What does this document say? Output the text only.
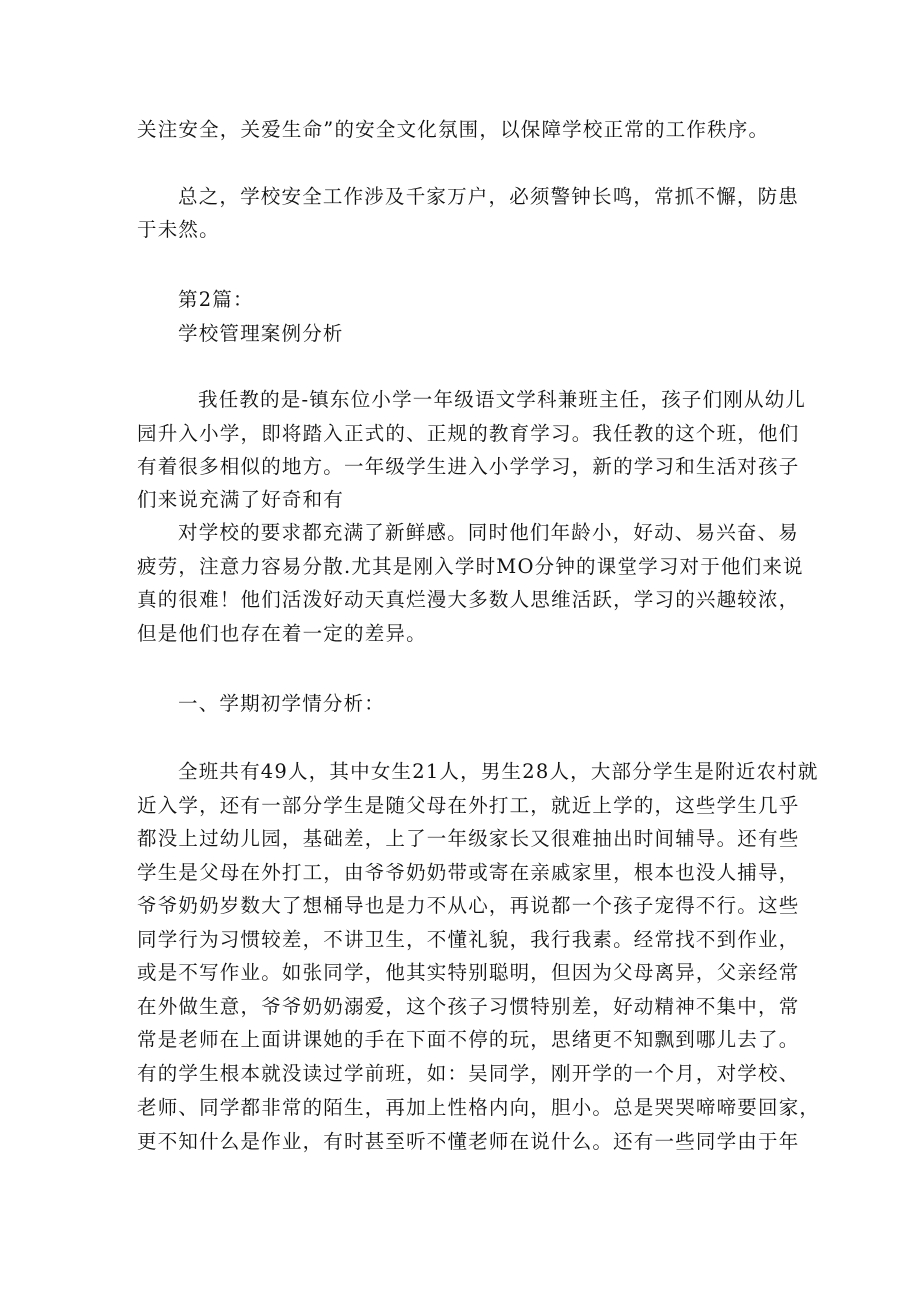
关注安全，关爱生命”的安全文化氛围，以保障学校正常的工作秩序。

总之，学校安全工作涉及千家万户，必须警钟长鸣，常抓不懈，防患

于未然。

第2篇：

学校管理案例分析

我任教的是-镇东位小学一年级语文学科兼班主任，孩子们刚从幼儿

园升入小学，即将踏入正式的、正规的教育学习。我任教的这个班，他们

有着很多相似的地方。一年级学生进入小学学习，新的学习和生活对孩子

们来说充满了好奇和有

对学校的要求都充满了新鲜感。同时他们年龄小，好动、易兴奋、易

疲劳，注意力容易分散.尤其是刚入学时MO分钟的课堂学习对于他们来说

真的很难！他们活泼好动天真烂漫大多数人思维活跃，学习的兴趣较浓，

但是他们也存在着一定的差异。

一、学期初学情分析：

全班共有49人，其中女生21人，男生28人，大部分学生是附近农村就

近入学，还有一部分学生是随父母在外打工，就近上学的，这些学生几乎

都没上过幼儿园，基础差，上了一年级家长又很难抽出时间辅导。还有些

学生是父母在外打工，由爷爷奶奶带或寄在亲戚家里，根本也没人捕导，

爷爷奶奶岁数大了想桶导也是力不从心，再说都一个孩子宠得不行。这些

同学行为习惯较差，不讲卫生，不懂礼貌，我行我素。经常找不到作业，

或是不写作业。如张同学，他其实特别聪明，但因为父母离异，父亲经常

在外做生意，爷爷奶奶溺爱，这个孩子习惯特别差，好动精神不集中，常

常是老师在上面讲课她的手在下面不停的玩，思绪更不知飘到哪儿去了。

有的学生根本就没读过学前班，如：吴同学，刚开学的一个月，对学校、

老师、同学都非常的陌生，再加上性格内向，胆小。总是哭哭啼啼要回家，

更不知什么是作业，有时甚至听不懂老师在说什么。还有一些同学由于年
